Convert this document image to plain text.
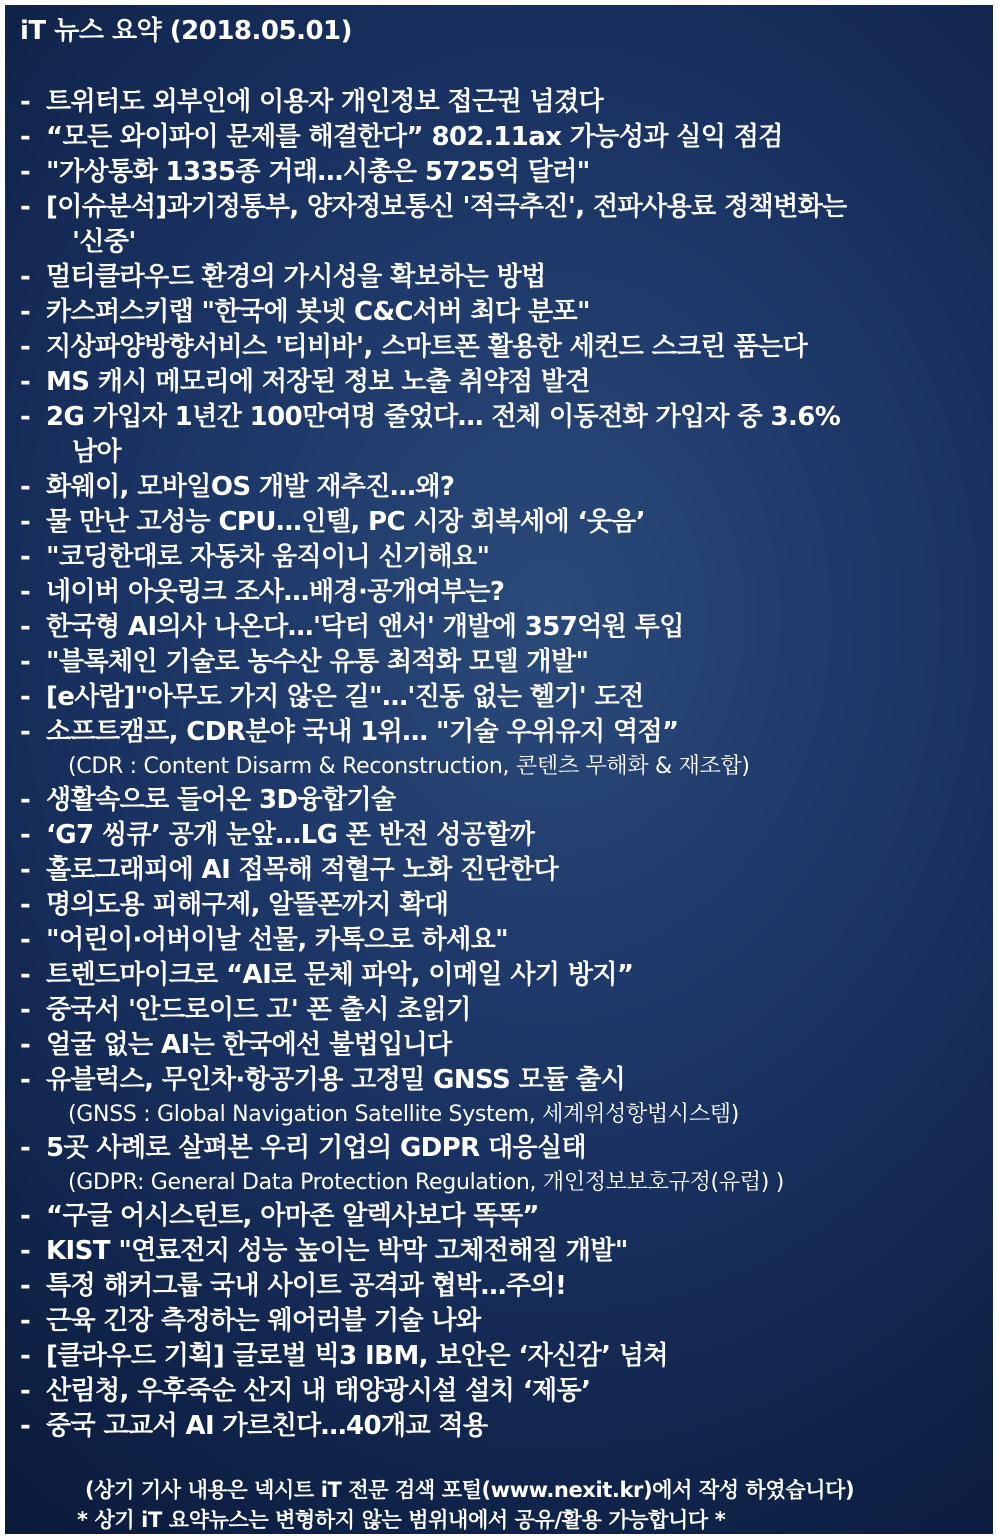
iT 뉴스 요약 (2018.05.01)
- 트위터도 외부인에 이용자 개인정보 접근권 넘겼다
- “모든 와이파이 문제를 해결한다” 802.11ax 가능성과 실익 점검
- "가상통화 1335종 거래…시총은 5725억 달러"
- [이슈분석]과기정통부, 양자정보통신 '적극추진', 전파사용료 정책변화는
'신중'
- 멀티클라우드 환경의 가시성을 확보하는 방법
- 카스퍼스키랩 "한국에 봇넷 C&C서버 최다 분포"
- 지상파양방향서비스 '티비바', 스마트폰 활용한 세컨드 스크린 품는다
- MS 캐시 메모리에 저장된 정보 노출 취약점 발견
- 2G 가입자 1년간 100만여명 줄었다… 전체 이동전화 가입자 중 3.6%
남아
- 화웨이, 모바일OS 개발 재추진…왜?
- 물 만난 고성능 CPU…인텔, PC 시장 회복세에 ‘웃음’
- "코딩한대로 자동차 움직이니 신기해요"
- 네이버 아웃링크 조사…배경·공개여부는?
- 한국형 AI의사 나온다…'닥터 앤서' 개발에 357억원 투입
- "블록체인 기술로 농수산 유통 최적화 모델 개발"
- [e사람]"아무도 가지 않은 길"…'진동 없는 헬기' 도전
- 소프트캠프, CDR분야 국내 1위… "기술 우위유지 역점”
(CDR : Content Disarm & Reconstruction, 콘텐츠 무해화 & 재조합)
- 생활속으로 들어온 3D융합기술
- ‘G7 씽큐’ 공개 눈앞…LG 폰 반전 성공할까
- 홀로그래피에 AI 접목해 적혈구 노화 진단한다
- 명의도용 피해구제, 알뜰폰까지 확대
- "어린이·어버이날 선물, 카톡으로 하세요"
- 트렌드마이크로 “AI로 문체 파악, 이메일 사기 방지”
- 중국서 '안드로이드 고' 폰 출시 초읽기
- 얼굴 없는 AI는 한국에선 불법입니다
- 유블럭스, 무인차·항공기용 고정밀 GNSS 모듈 출시
(GNSS : Global Navigation Satellite System, 세계위성항법시스템)
- 5곳 사례로 살펴본 우리 기업의 GDPR 대응실태
(GDPR: General Data Protection Regulation, 개인정보보호규정(유럽) )
- “구글 어시스턴트, 아마존 알렉사보다 똑똑”
- KIST "연료전지 성능 높이는 박막 고체전해질 개발"
- 특정 해커그룹 국내 사이트 공격과 협박…주의!
- 근육 긴장 측정하는 웨어러블 기술 나와
- [클라우드 기획] 글로벌 빅3 IBM, 보안은 ‘자신감’ 넘쳐
- 산림청, 우후죽순 산지 내 태양광시설 설치 ‘제동’
- 중국 고교서 AI 가르친다…40개교 적용
(상기 기사 내용은 넥시트 iT 전문 검색 포털(www.nexit.kr)에서 작성 하였습니다)
* 상기 iT 요약뉴스는 변형하지 않는 범위내에서 공유/활용 가능합니다 *
